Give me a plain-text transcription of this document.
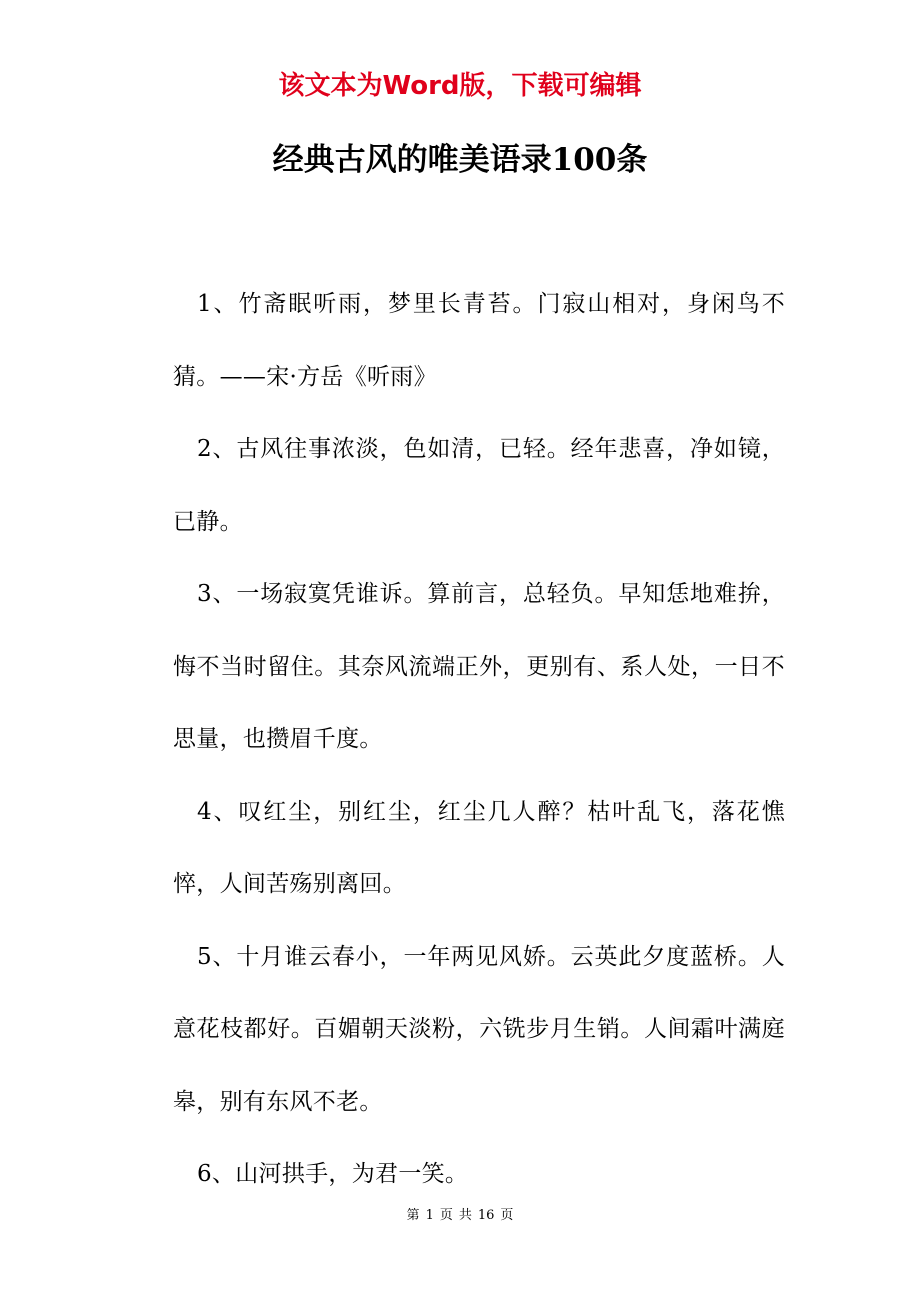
该文本为Word版，下载可编辑
经典古风的唯美语录100条

1、竹斋眠听雨，梦里长青苔。门寂山相对，身闲鸟不猜。——宋·方岳《听雨》

2、古风往事浓淡，色如清，已轻。经年悲喜，净如镜，已静。

3、一场寂寞凭谁诉。算前言，总轻负。早知恁地难拚，悔不当时留住。其奈风流端正外，更别有、系人处，一日不思量，也攒眉千度。

4、叹红尘，别红尘，红尘几人醉？枯叶乱飞，落花憔悴，人间苦殇别离回。

5、十月谁云春小，一年两见风娇。云英此夕度蓝桥。人意花枝都好。百媚朝天淡粉，六铣步月生销。人间霜叶满庭皋，别有东风不老。

6、山河拱手，为君一笑。

第 1 页 共 16 页
